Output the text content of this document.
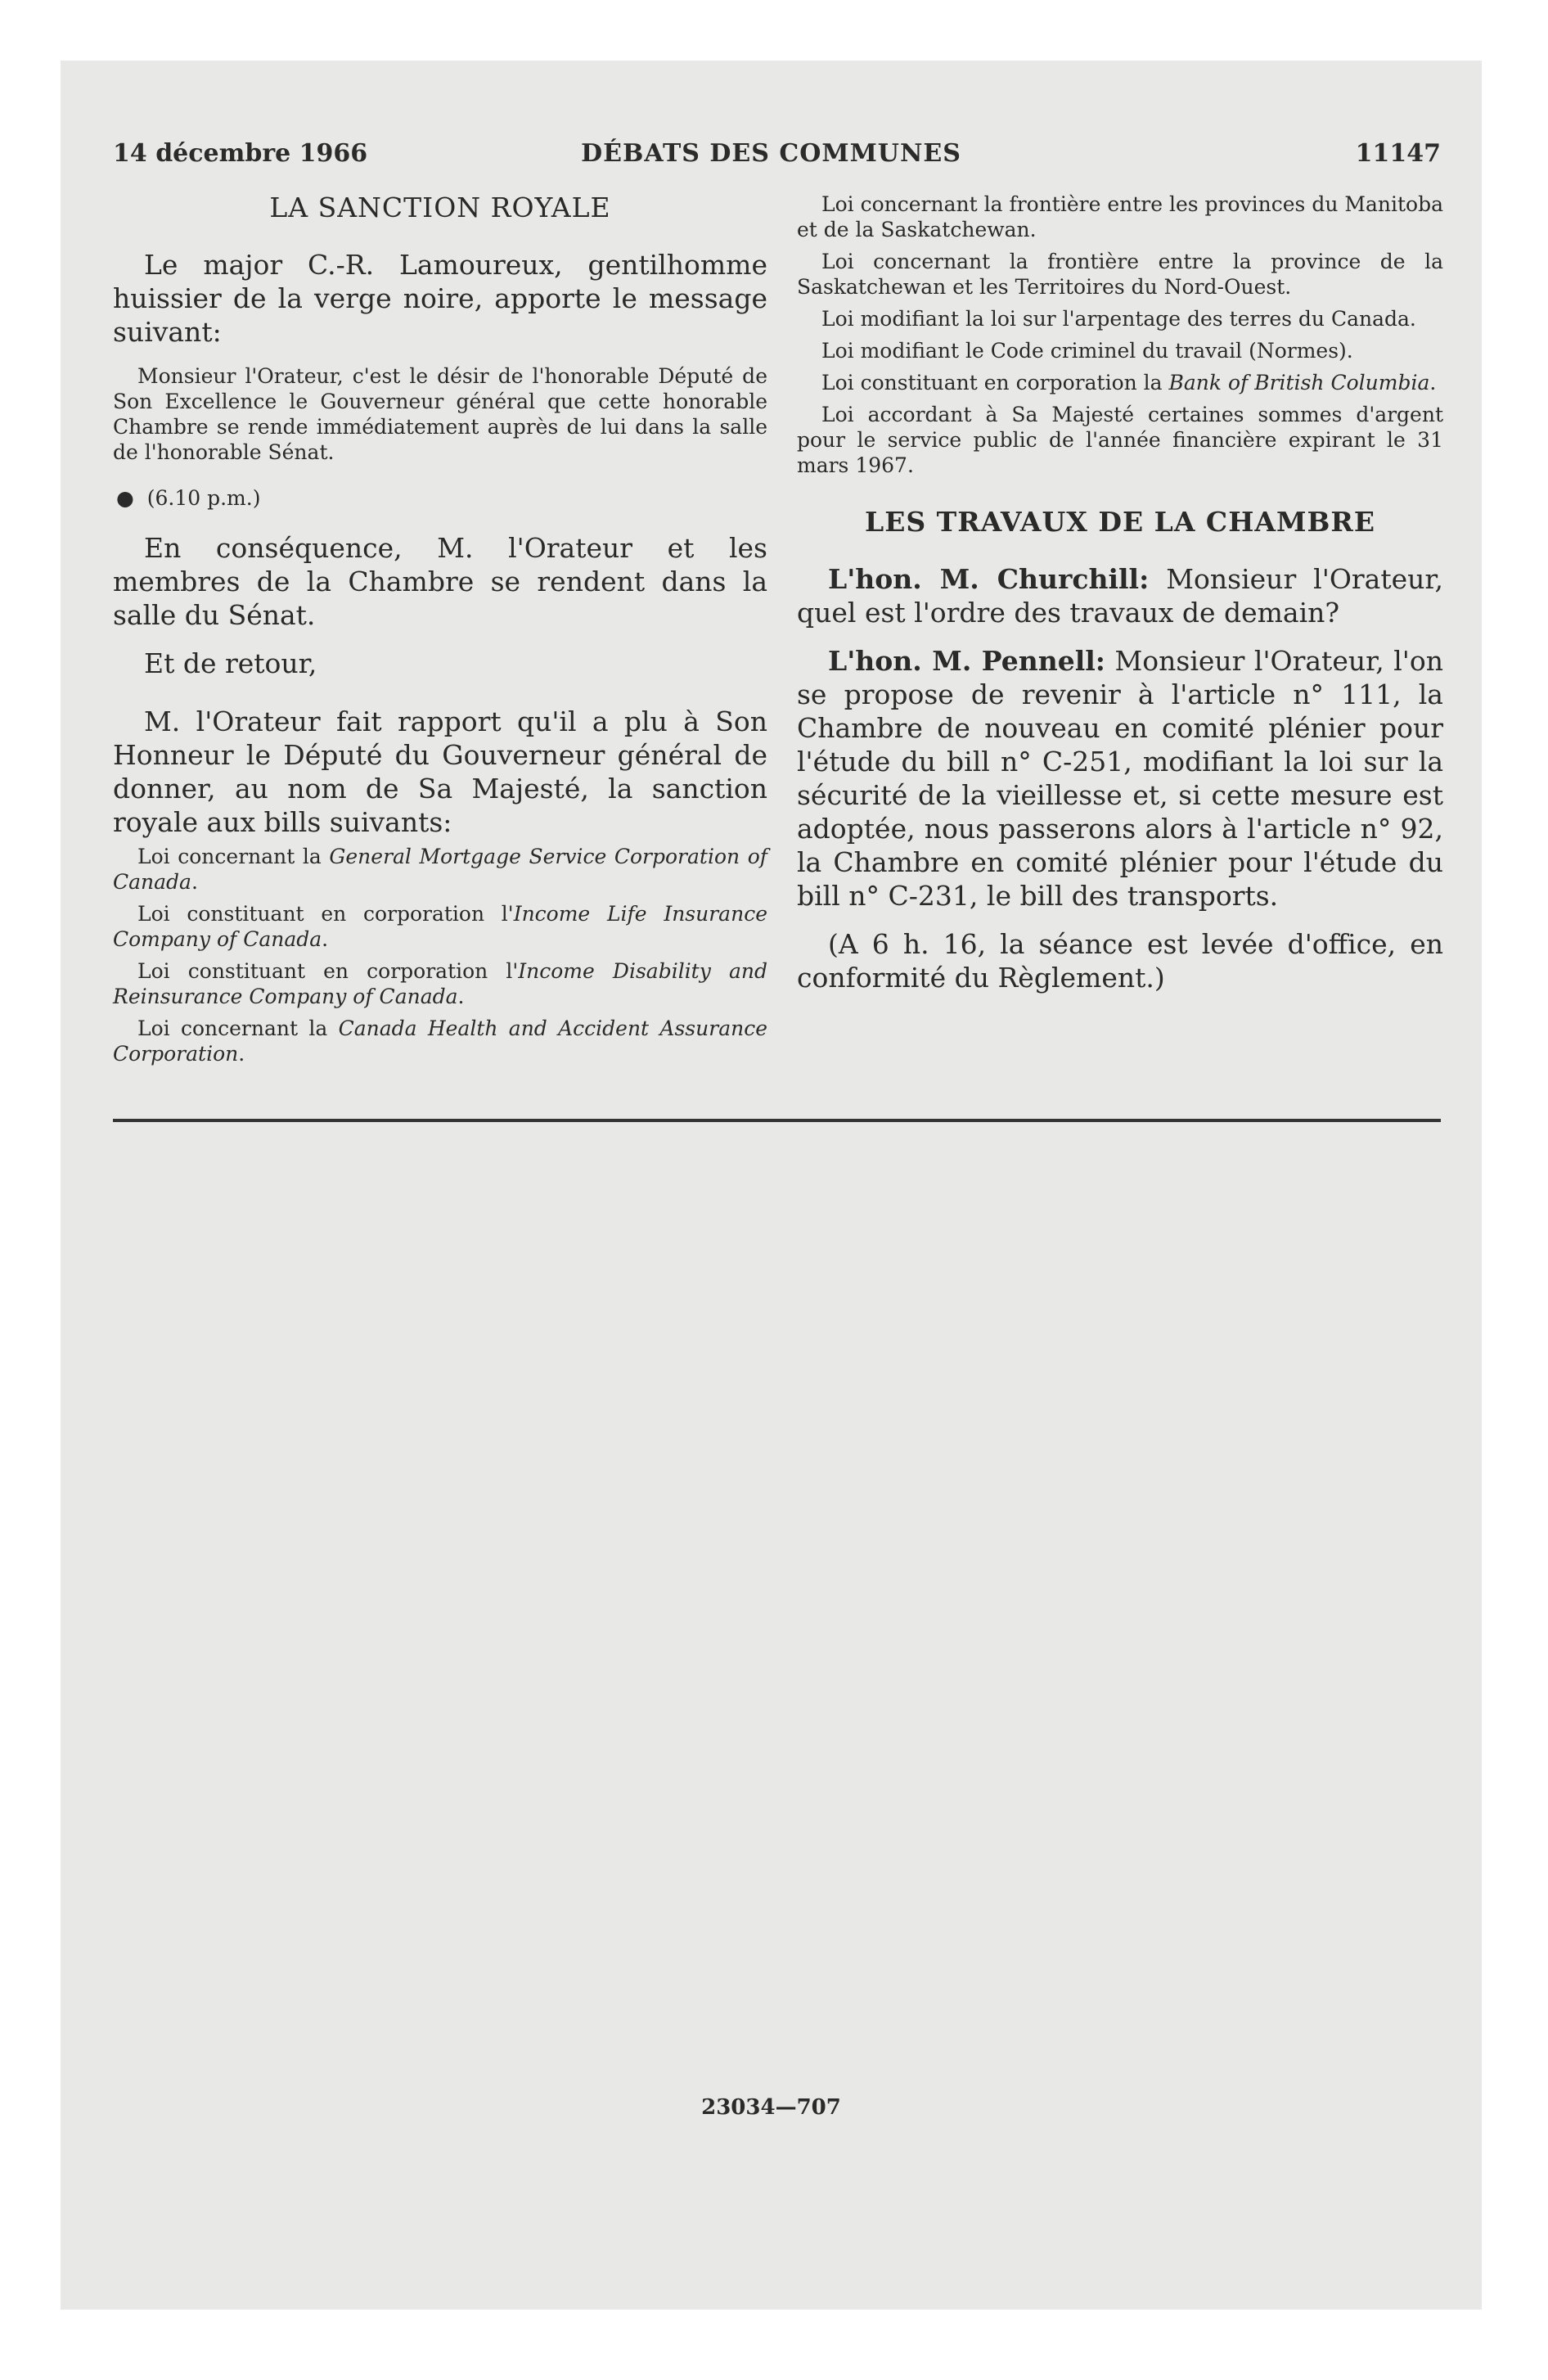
14 décembre 1966	DÉBATS DES COMMUNES	11147
LA SANCTION ROYALE

Le major C.-R. Lamoureux, gentilhomme huissier de la verge noire, apporte le message suivant:

Monsieur l'Orateur, c'est le désir de l'honorable Député de Son Excellence le Gouverneur général que cette honorable Chambre se rende immédiatement auprès de lui dans la salle de l'honorable Sénat.

● (6.10 p.m.)

En conséquence, M. l'Orateur et les membres de la Chambre se rendent dans la salle du Sénat.

Et de retour,

M. l'Orateur fait rapport qu'il a plu à Son Honneur le Député du Gouverneur général de donner, au nom de Sa Majesté, la sanction royale aux bills suivants:

Loi concernant la General Mortgage Service Corporation of Canada.

Loi constituant en corporation l'Income Life Insurance Company of Canada.

Loi constituant en corporation l'Income Disability and Reinsurance Company of Canada.

Loi concernant la Canada Health and Accident Assurance Corporation.

Loi concernant la frontière entre les provinces du Manitoba et de la Saskatchewan.

Loi concernant la frontière entre la province de la Saskatchewan et les Territoires du Nord-Ouest.

Loi modifiant la loi sur l'arpentage des terres du Canada.

Loi modifiant le Code criminel du travail (Normes).

Loi constituant en corporation la Bank of British Columbia.

Loi accordant à Sa Majesté certaines sommes d'argent pour le service public de l'année financière expirant le 31 mars 1967.

LES TRAVAUX DE LA CHAMBRE

L'hon. M. Churchill: Monsieur l'Orateur, quel est l'ordre des travaux de demain?

L'hon. M. Pennell: Monsieur l'Orateur, l'on se propose de revenir à l'article n° 111, la Chambre de nouveau en comité plénier pour l'étude du bill n° C-251, modifiant la loi sur la sécurité de la vieillesse et, si cette mesure est adoptée, nous passerons alors à l'article n° 92, la Chambre en comité plénier pour l'étude du bill n° C-231, le bill des transports.

(A 6 h. 16, la séance est levée d'office, en conformité du Règlement.)

23034—707
